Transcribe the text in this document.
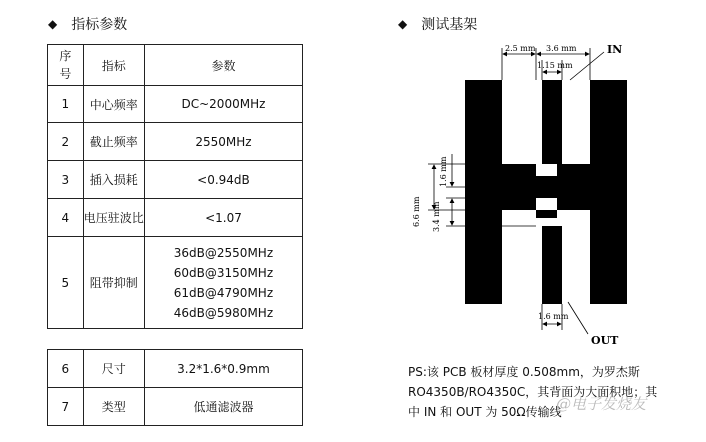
◆ 指标参数	◆ 测试基架
序号	指标	参数
1	中心频率	DC~2000MHz
2	截止频率	2550MHz
3	插入损耗	<0.94dB
4	电压驻波比	<1.07
5	阻带抑制	36dB@2550MHz
60dB@3150MHz
61dB@4790MHz
46dB@5980MHz
6	尺寸	3.2*1.6*0.9mm
7	类型	低通滤波器
2.5 mm 3.6 mm
1.15 mm
IN
6.6 mm
1.6 mm
3.4 mm
1.6 mm
OUT
PS:该 PCB 板材厚度 0.508mm，为罗杰斯
RO4350B/RO4350C，其背面为大面积地；其
中 IN 和 OUT 为 50Ω传输线
@电子发烧友
